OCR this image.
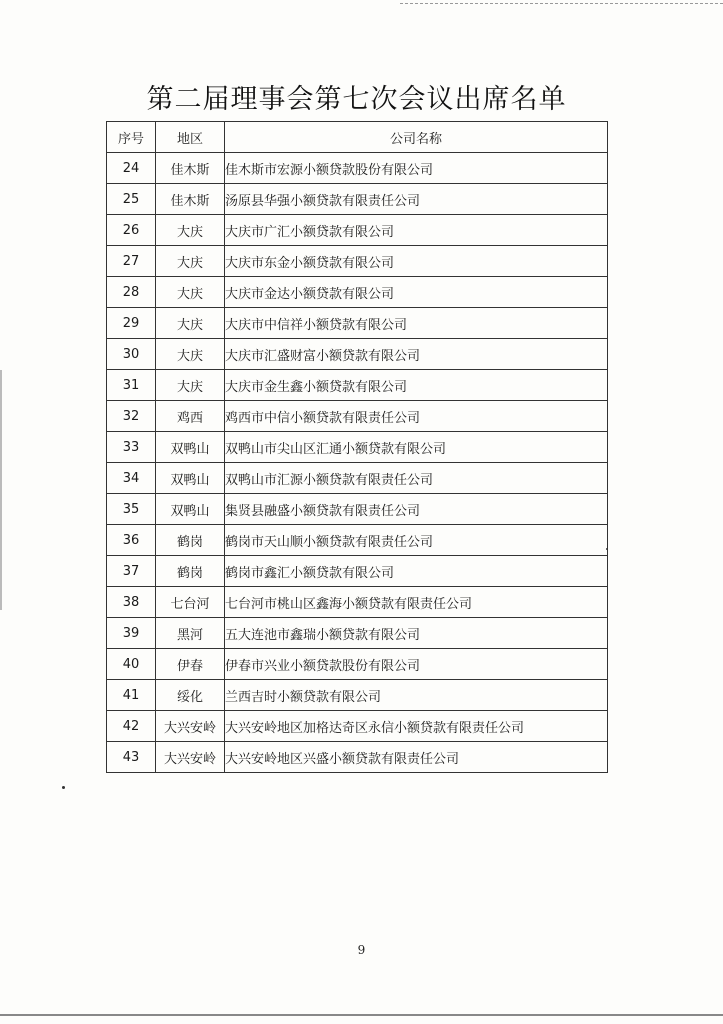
第二届理事会第七次会议出席名单
序号	地区	公司名称
24	佳木斯	佳木斯市宏源小额贷款股份有限公司
25	佳木斯	汤原县华强小额贷款有限责任公司
26	大庆	大庆市广汇小额贷款有限公司
27	大庆	大庆市东金小额贷款有限公司
28	大庆	大庆市金达小额贷款有限公司
29	大庆	大庆市中信祥小额贷款有限公司
30	大庆	大庆市汇盛财富小额贷款有限公司
31	大庆	大庆市金生鑫小额贷款有限公司
32	鸡西	鸡西市中信小额贷款有限责任公司
33	双鸭山	双鸭山市尖山区汇通小额贷款有限公司
34	双鸭山	双鸭山市汇源小额贷款有限责任公司
35	双鸭山	集贤县融盛小额贷款有限责任公司
36	鹤岗	鹤岗市天山顺小额贷款有限责任公司
37	鹤岗	鹤岗市鑫汇小额贷款有限公司
38	七台河	七台河市桃山区鑫海小额贷款有限责任公司
39	黑河	五大连池市鑫瑞小额贷款有限公司
40	伊春	伊春市兴业小额贷款股份有限公司
41	绥化	兰西吉时小额贷款有限公司
42	大兴安岭	大兴安岭地区加格达奇区永信小额贷款有限责任公司
43	大兴安岭	大兴安岭地区兴盛小额贷款有限责任公司
9
